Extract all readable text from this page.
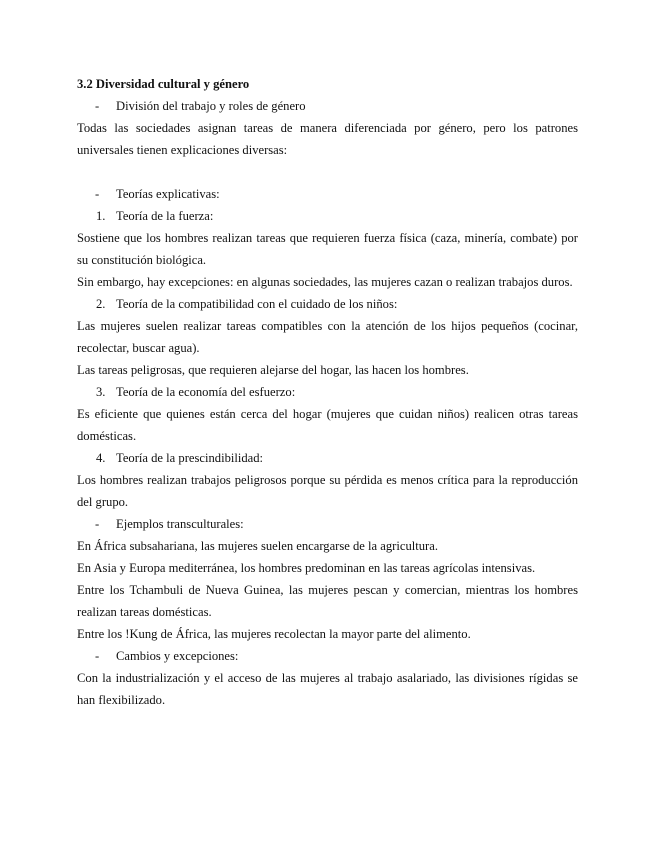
3.2 Diversidad cultural y género
- División del trabajo y roles de género
Todas las sociedades asignan tareas de manera diferenciada por género, pero los patrones universales tienen explicaciones diversas:
- Teorías explicativas:
1. Teoría de la fuerza:
Sostiene que los hombres realizan tareas que requieren fuerza física (caza, minería, combate) por su constitución biológica.
Sin embargo, hay excepciones: en algunas sociedades, las mujeres cazan o realizan trabajos duros.
2. Teoría de la compatibilidad con el cuidado de los niños:
Las mujeres suelen realizar tareas compatibles con la atención de los hijos pequeños (cocinar, recolectar, buscar agua).
Las tareas peligrosas, que requieren alejarse del hogar, las hacen los hombres.
3. Teoría de la economía del esfuerzo:
Es eficiente que quienes están cerca del hogar (mujeres que cuidan niños) realicen otras tareas domésticas.
4. Teoría de la prescindibilidad:
Los hombres realizan trabajos peligrosos porque su pérdida es menos crítica para la reproducción del grupo.
- Ejemplos transculturales:
En África subsahariana, las mujeres suelen encargarse de la agricultura.
En Asia y Europa mediterránea, los hombres predominan en las tareas agrícolas intensivas.
Entre los Tchambuli de Nueva Guinea, las mujeres pescan y comercian, mientras los hombres realizan tareas domésticas.
Entre los !Kung de África, las mujeres recolectan la mayor parte del alimento.
- Cambios y excepciones:
Con la industrialización y el acceso de las mujeres al trabajo asalariado, las divisiones rígidas se han flexibilizado.
